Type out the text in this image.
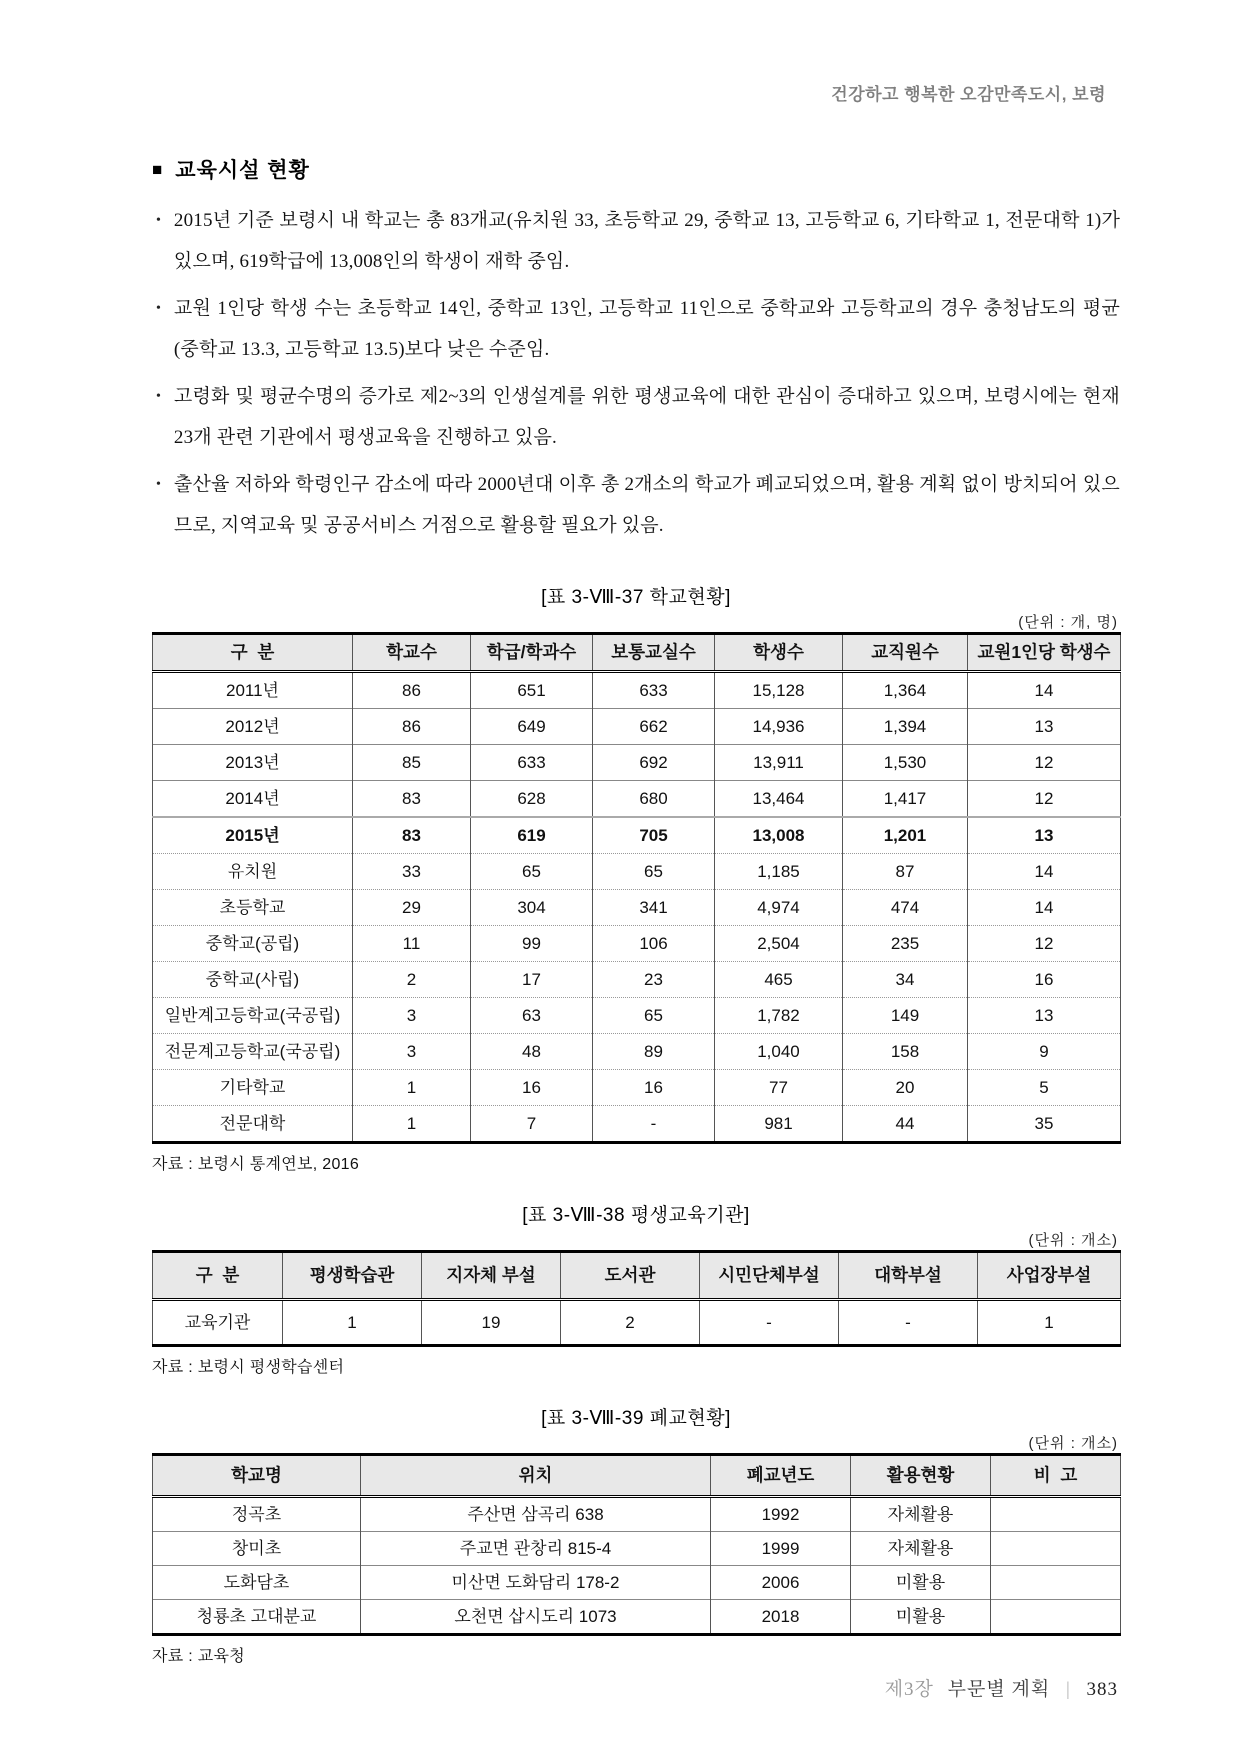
건강하고 행복한 오감만족도시, 보령
■ 교육시설 현황
• 2015년 기준 보령시 내 학교는 총 83개교(유치원 33, 초등학교 29, 중학교 13, 고등학교 6, 기타학교 1, 전문대학 1)가 있으며, 619학급에 13,008인의 학생이 재학 중임.
• 교원 1인당 학생 수는 초등학교 14인, 중학교 13인, 고등학교 11인으로 중학교와 고등학교의 경우 충청남도의 평균(중학교 13.3, 고등학교 13.5)보다 낮은 수준임.
• 고령화 및 평균수명의 증가로 제2~3의 인생설계를 위한 평생교육에 대한 관심이 증대하고 있으며, 보령시에는 현재 23개 관련 기관에서 평생교육을 진행하고 있음.
• 출산율 저하와 학령인구 감소에 따라 2000년대 이후 총 2개소의 학교가 폐교되었으며, 활용 계획 없이 방치되어 있으므로, 지역교육 및 공공서비스 거점으로 활용할 필요가 있음.
[표 3-Ⅷ-37 학교현황]
(단위 : 개, 명)
구  분	학교수	학급/학과수	보통교실수	학생수	교직원수	교원1인당 학생수
2011년	86	651	633	15,128	1,364	14
2012년	86	649	662	14,936	1,394	13
2013년	85	633	692	13,911	1,530	12
2014년	83	628	680	13,464	1,417	12
2015년	83	619	705	13,008	1,201	13
유치원	33	65	65	1,185	87	14
초등학교	29	304	341	4,974	474	14
중학교(공립)	11	99	106	2,504	235	12
중학교(사립)	2	17	23	465	34	16
일반계고등학교(국공립)	3	63	65	1,782	149	13
전문계고등학교(국공립)	3	48	89	1,040	158	9
기타학교	1	16	16	77	20	5
전문대학	1	7	-	981	44	35
자료 : 보령시 통계연보, 2016
[표 3-Ⅷ-38 평생교육기관]
(단위 : 개소)
구  분	평생학습관	지자체 부설	도서관	시민단체부설	대학부설	사업장부설
교육기관	1	19	2	-	-	1
자료 : 보령시 평생학습센터
[표 3-Ⅷ-39 폐교현황]
(단위 : 개소)
학교명	위치	폐교년도	활용현황	비  고
정곡초	주산면 삼곡리 638	1992	자체활용	
창미초	주교면 관창리 815-4	1999	자체활용	
도화담초	미산면 도화담리 178-2	2006	미활용	
청룡초 고대분교	오천면 삽시도리 1073	2018	미활용	
자료 : 교육청
제3장 부문별 계획 | 383
